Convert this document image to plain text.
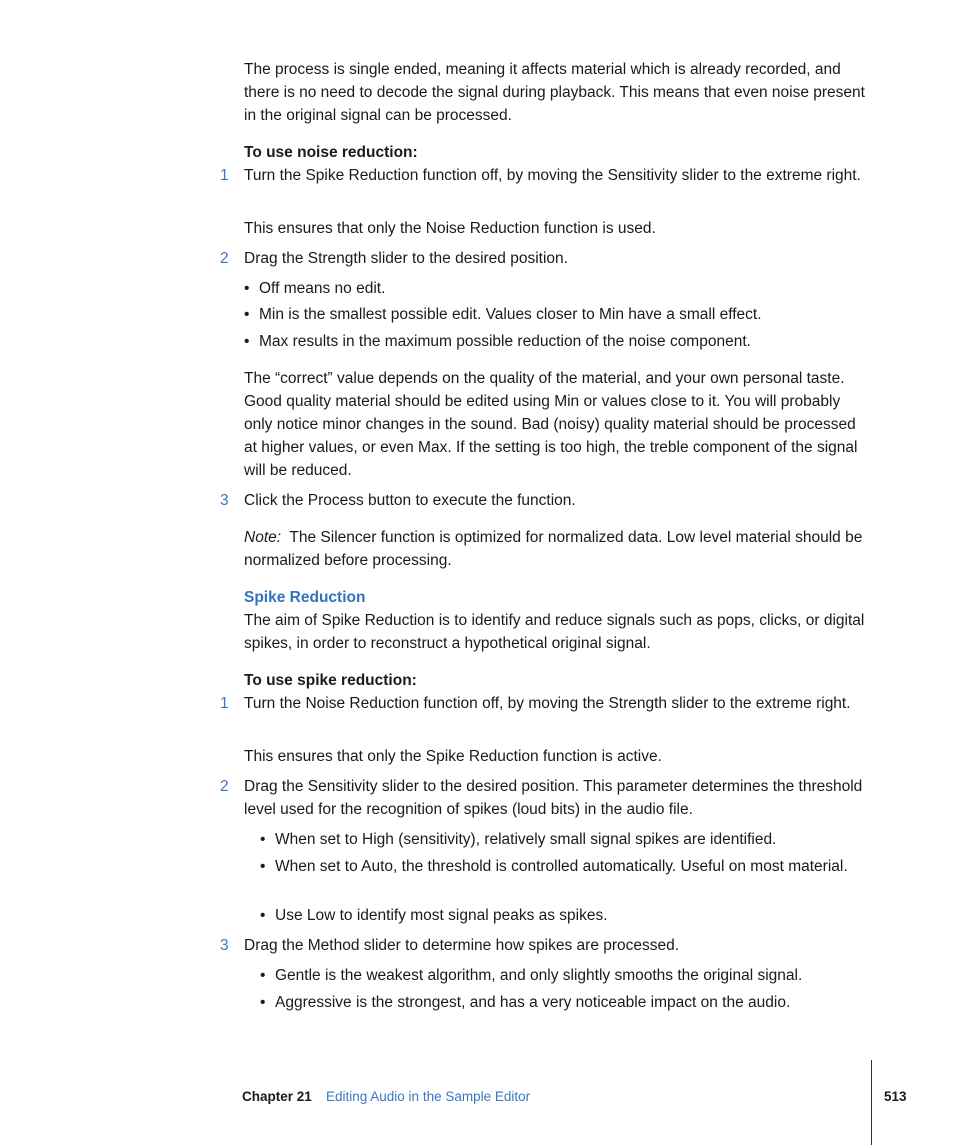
The process is single ended, meaning it affects material which is already recorded, and there is no need to decode the signal during playback. This means that even noise present in the original signal can be processed.

To use noise reduction:

1 Turn the Spike Reduction function off, by moving the Sensitivity slider to the extreme right.

This ensures that only the Noise Reduction function is used.

2 Drag the Strength slider to the desired position.
• Off means no edit.
• Min is the smallest possible edit. Values closer to Min have a small effect.
• Max results in the maximum possible reduction of the noise component.

The “correct” value depends on the quality of the material, and your own personal taste. Good quality material should be edited using Min or values close to it. You will probably only notice minor changes in the sound. Bad (noisy) quality material should be processed at higher values, or even Max. If the setting is too high, the treble component of the signal will be reduced.

3 Click the Process button to execute the function.

Note: The Silencer function is optimized for normalized data. Low level material should be normalized before processing.

Spike Reduction

The aim of Spike Reduction is to identify and reduce signals such as pops, clicks, or digital spikes, in order to reconstruct a hypothetical original signal.

To use spike reduction:

1 Turn the Noise Reduction function off, by moving the Strength slider to the extreme right.

This ensures that only the Spike Reduction function is active.

2 Drag the Sensitivity slider to the desired position. This parameter determines the threshold level used for the recognition of spikes (loud bits) in the audio file.
• When set to High (sensitivity), relatively small signal spikes are identified.
• When set to Auto, the threshold is controlled automatically. Useful on most material.
• Use Low to identify most signal peaks as spikes.
3 Drag the Method slider to determine how spikes are processed.
• Gentle is the weakest algorithm, and only slightly smooths the original signal.
• Aggressive is the strongest, and has a very noticeable impact on the audio.
Chapter 21 Editing Audio in the Sample Editor	513
